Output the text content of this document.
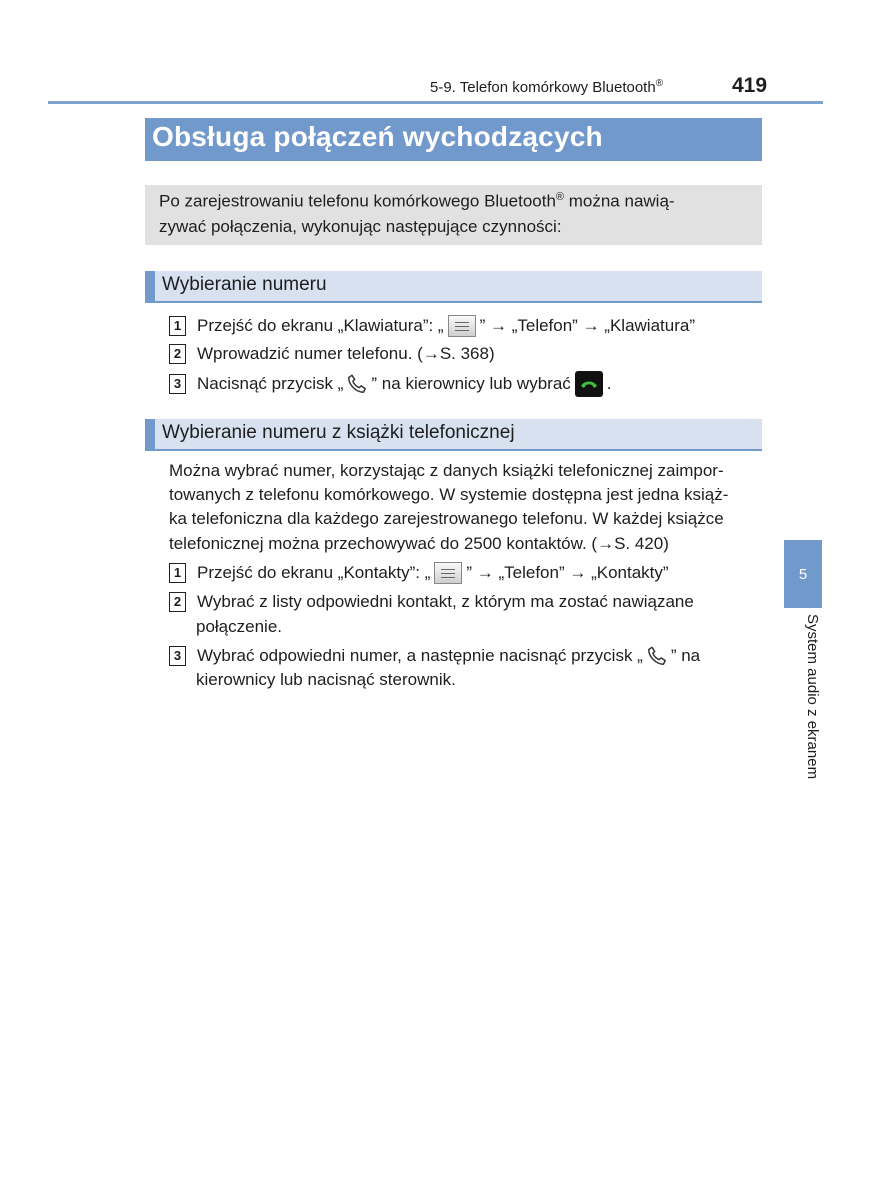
5-9. Telefon komórkowy Bluetooth®	419
Obsługa połączeń wychodzących
Po zarejestrowaniu telefonu komórkowego Bluetooth® można nawią-
zywać połączenia, wykonując następujące czynności:
Wybieranie numeru
1 Przejść do ekranu „Klawiatura”: „ ” → „Telefon” → „Klawiatura”
2 Wprowadzić numer telefonu. (→S. 368)
3 Nacisnąć przycisk „ ” na kierownicy lub wybrać .
Wybieranie numeru z książki telefonicznej
Można wybrać numer, korzystając z danych książki telefonicznej zaimpor-
towanych z telefonu komórkowego. W systemie dostępna jest jedna książ-
ka telefoniczna dla każdego zarejestrowanego telefonu. W każdej książce
telefonicznej można przechowywać do 2500 kontaktów. (→S. 420)
1 Przejść do ekranu „Kontakty”: „ ” → „Telefon” → „Kontakty”
2 Wybrać z listy odpowiedni kontakt, z którym ma zostać nawiązane
połączenie.
3 Wybrać odpowiedni numer, a następnie nacisnąć przycisk „ ” na
kierownicy lub nacisnąć sterownik.
5
System audio z ekranem
